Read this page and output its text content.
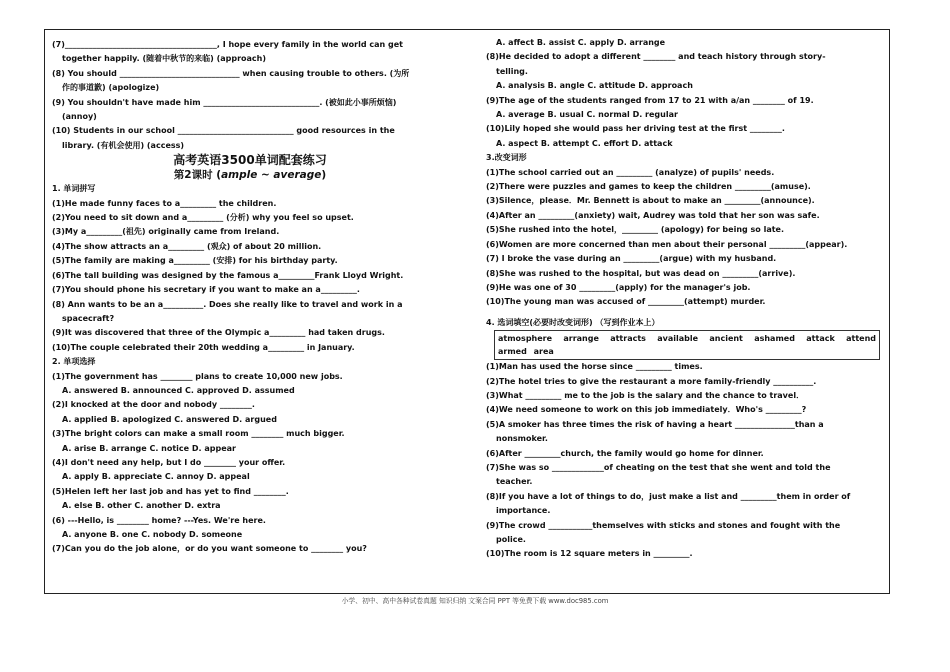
(7)______________________________________, I hope every family in the world can get
together happily. (随着中秋节的来临) (approach)
(8) You should ______________________________ when causing trouble to others. (为所
作的事道歉) (apologize)
(9) You shouldn't have made him _____________________________. (被如此小事所烦恼)
(annoy)
(10) Students in our school _____________________________ good resources in the
library. (有机会使用) (access)
高考英语3500单词配套练习
第2课时 (ample ~ average)
1. 单词拼写
(1)He made funny faces to a_________ the children.
(2)You need to sit down and a_________ (分析) why you feel so upset.
(3)My a_________(祖先) originally came from Ireland.
(4)The show attracts an a_________ (观众) of about 20 million.
(5)The family are making a_________ (安排) for his birthday party.
(6)The tall building was designed by the famous a_________Frank Lloyd Wright.
(7)You should phone his secretary if you want to make an a_________.
(8) Ann wants to be an a__________. Does she really like to travel and work in a
spacecraft?
(9)It was discovered that three of the Olympic a_________ had taken drugs.
(10)The couple celebrated their 20th wedding a_________ in January.
2. 单项选择
(1)The government has ________ plans to create 10,000 new jobs.
A. answered B. announced C. approved D. assumed
(2)I knocked at the door and nobody ________.
A. applied B. apologized C. answered D. argued
(3)The bright colors can make a small room ________ much bigger.
A. arise B. arrange C. notice D. appear
(4)I don't need any help, but I do ________ your offer.
A. apply B. appreciate C. annoy D. appeal
(5)Helen left her last job and has yet to find ________.
A. else B. other C. another D. extra
(6) ---Hello, is ________ home? ---Yes. We're here.
A. anyone B. one C. nobody D. someone
(7)Can you do the job alone，or do you want someone to ________ you?
A. affect B. assist C. apply D. arrange
(8)He decided to adopt a different ________ and teach history through story-
telling.
A. analysis B. angle C. attitude D. approach
(9)The age of the students ranged from 17 to 21 with a/an ________ of 19.
A. average B. usual C. normal D. regular
(10)Lily hoped she would pass her driving test at the first ________.
A. aspect B. attempt C. effort D. attack
3.改变词形
(1)The school carried out an _________ (analyze) of pupils' needs.
(2)There were puzzles and games to keep the children _________(amuse).
(3)Silence，please．Mr. Bennett is about to make an _________(announce).
(4)After an _________(anxiety) wait, Audrey was told that her son was safe.
(5)She rushed into the hotel，_________ (apology) for being so late.
(6)Women are more concerned than men about their personal _________(appear).
(7) I broke the vase during an _________(argue) with my husband.
(8)She was rushed to the hospital, but was dead on _________(arrive).
(9)He was one of 30 _________(apply) for the manager's job.
(10)The young man was accused of _________(attempt) murder.
4. 选词填空(必要时改变词形) （写到作业本上）
atmosphere arrange attracts available ancient ashamed attack attend armed area
(1)Man has used the horse since _________ times.
(2)The hotel tries to give the restaurant a more family-friendly __________.
(3)What _________ me to the job is the salary and the chance to travel．
(4)We need someone to work on this job immediately．Who's _________?
(5)A smoker has three times the risk of having a heart _______________than a
nonsmoker.
(6)After _________church, the family would go home for dinner.
(7)She was so _____________of cheating on the test that she went and told the
teacher.
(8)If you have a lot of things to do，just make a list and _________them in order of
importance.
(9)The crowd ___________themselves with sticks and stones and fought with the
police.
(10)The room is 12 square meters in _________.
小学、初中、高中各种试卷真题 知识归纳 文案合同 PPT 等免费下载 www.doc985.com
